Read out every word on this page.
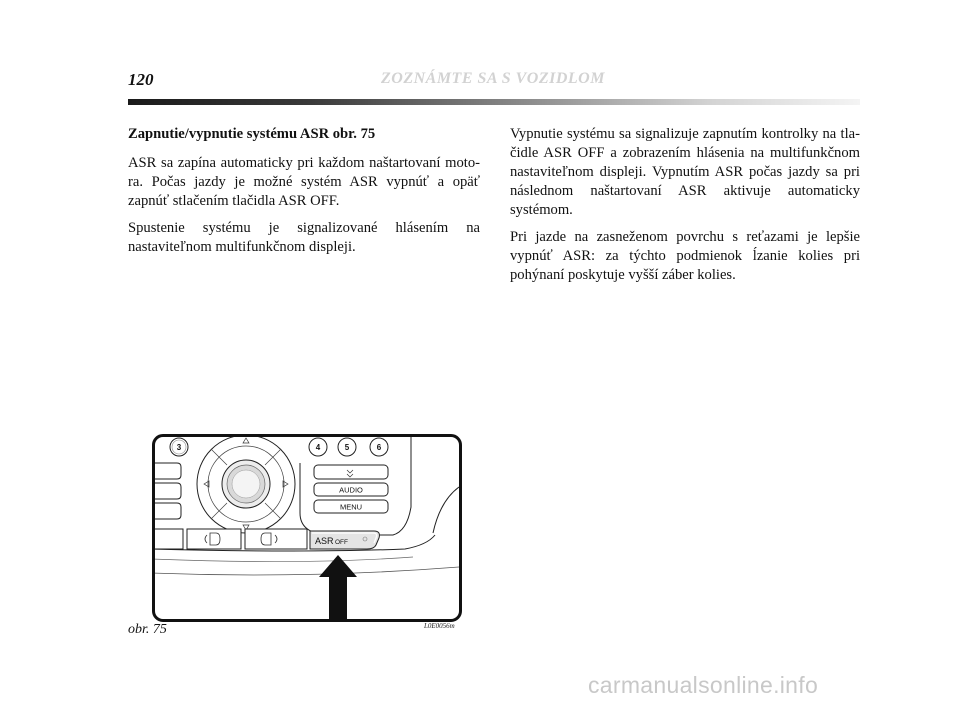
120	ZOZNÁMTE SA S VOZIDLOM

Zapnutie/vypnutie systému ASR obr. 75

ASR sa zapína automaticky pri každom naštartovaní motora. Počas jazdy je možné systém ASR vypnúť a opäť zapnúť stlačením tlačidla ASR OFF.

Spustenie systému je signalizované hlásením na nastaviteľnom multifunkčnom displeji.

Vypnutie systému sa signalizuje zapnutím kontrolky na tlačidle ASR OFF a zobrazením hlásenia na multifunkčnom nastaviteľnom displeji. Vypnutím ASR počas jazdy sa pri následnom naštartovaní ASR aktivuje automaticky systémom.

Pri jazde na zasneženom povrchu s reťazami je lepšie vypnúť ASR: za týchto podmienok ĺzanie kolies pri pohýnaní poskytuje vyšší záber kolies.

3	4	5	6
AUDIO
MENU
ASR OFF
obr. 75	L0E0056m
carmanualsonline.info
